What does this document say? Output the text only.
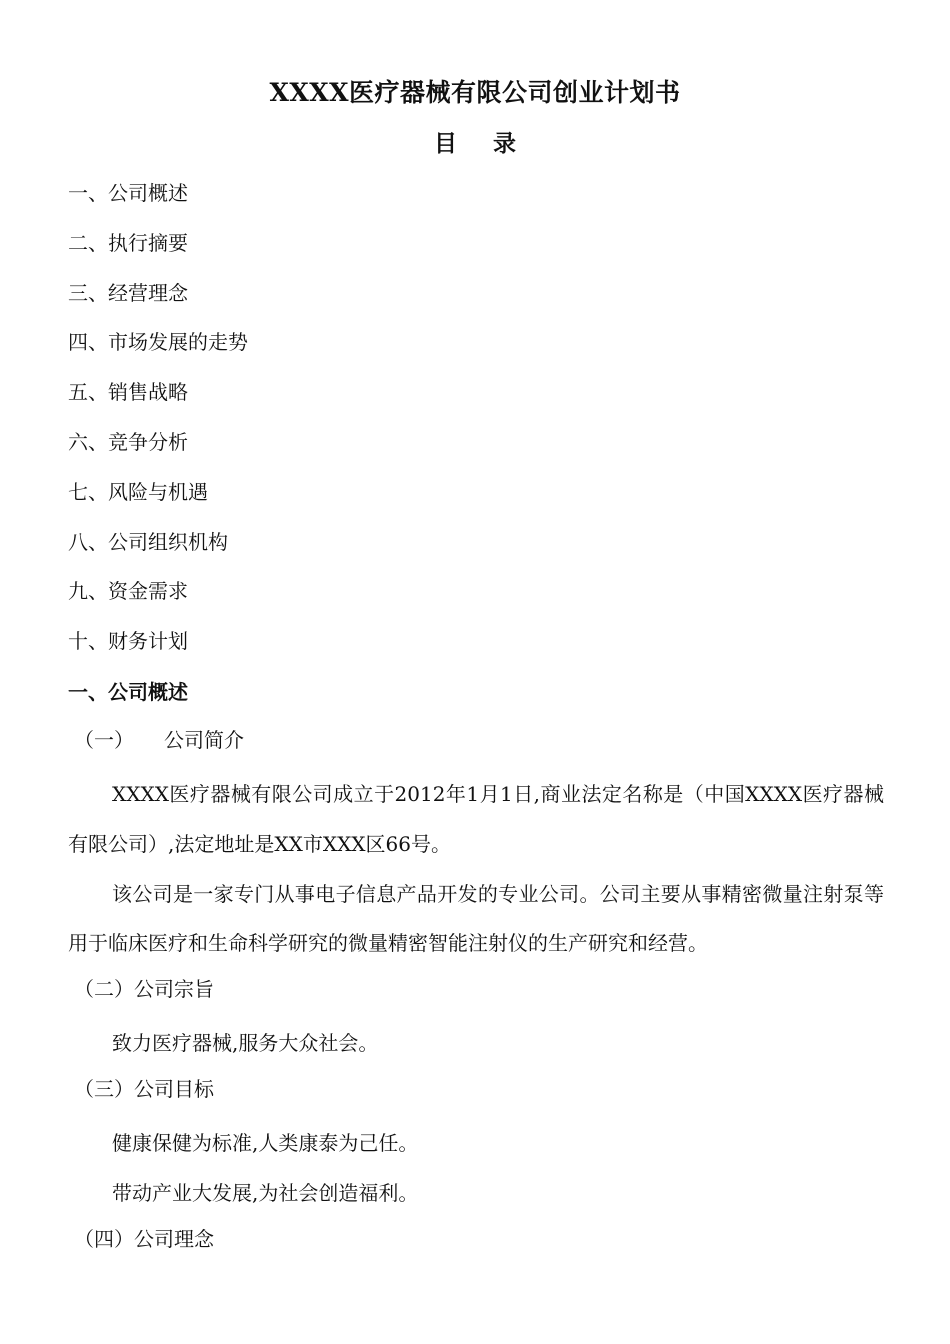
XXXX医疗器械有限公司创业计划书
目录
一、公司概述
二、执行摘要
三、经营理念
四、市场发展的走势
五、销售战略
六、竞争分析
七、风险与机遇
八、公司组织机构
九、资金需求
十、财务计划
一、公司概述
（一） 公司简介

XXXX医疗器械有限公司成立于2012年1月1日,商业法定名称是（中国XXXX医疗器械有限公司）,法定地址是XX市XXX区66号。

该公司是一家专门从事电子信息产品开发的专业公司。公司主要从事精密微量注射泵等用于临床医疗和生命科学研究的微量精密智能注射仪的生产研究和经营。

（二）公司宗旨

致力医疗器械,服务大众社会。

（三）公司目标

健康保健为标准,人类康泰为己任。

带动产业大发展,为社会创造福利。

（四）公司理念
